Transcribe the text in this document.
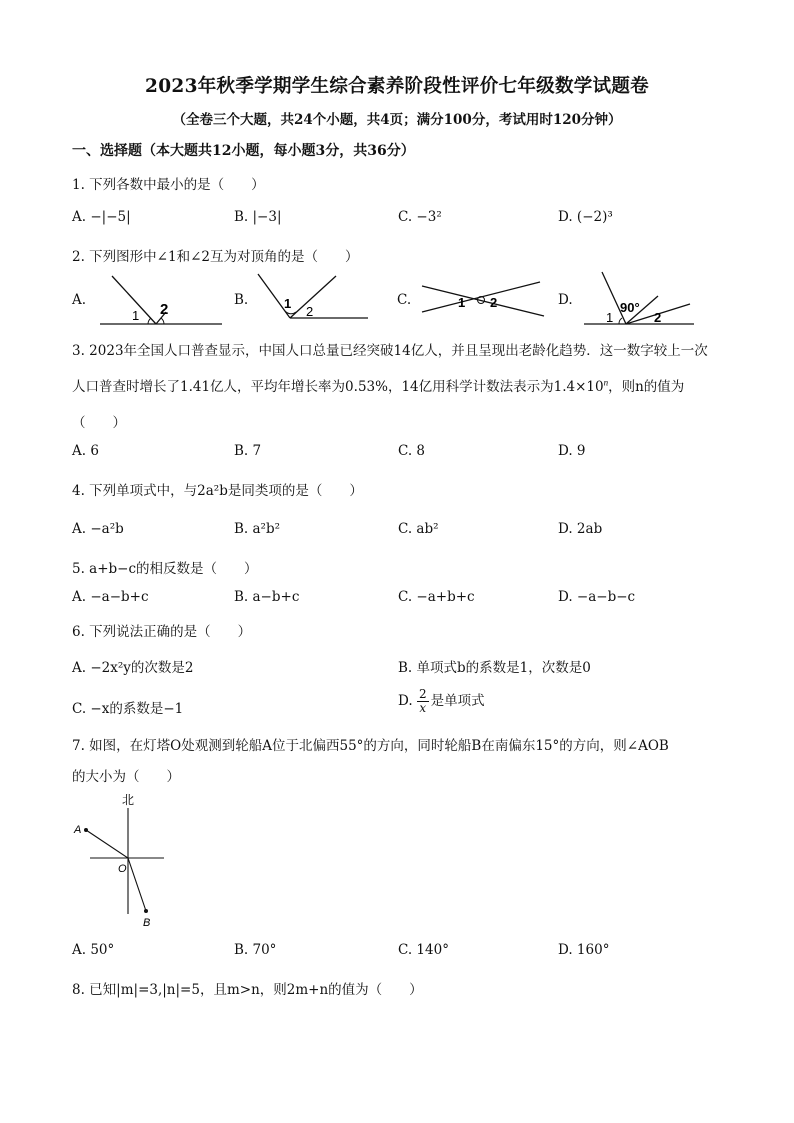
2023年秋季学期学生综合素养阶段性评价七年级数学试题卷
（全卷三个大题，共24个小题，共4页；满分100分，考试用时120分钟）
一、选择题（本大题共12小题，每小题3分，共36分）
1. 下列各数中最小的是（　　）
A. −|−5|	B. |−3|	C. −3²	D. (−2)³
2. 下列图形中∠1和∠2互为对顶角的是（　　）
A.
1 2
B.	1
2
C.	1 2	D.	90°
1	2
3. 2023年全国人口普查显示，中国人口总量已经突破14亿人，并且呈现出老龄化趋势．这一数字较上一次
人口普查时增长了1.41亿人，平均年增长率为0.53%，14亿用科学计数法表示为$1.4\times 10^n$，则n的值为
（　　）
A. 6	B. 7	C. 8	D. 9
4. 下列单项式中，与2a²b是同类项的是（　　）
A. −a²b	B. a²b²	C. ab²	D. 2ab
5. a+b−c的相反数是（　　）
A. −a−b+c	B. a−b+c	C. −a+b+c	D. −a−b−c
6. 下列说法正确的是（　　）
A. −2x²y的次数是2	B. 单项式b的系数是1，次数是0
C. −x的系数是−1	D. $\frac{2}{x}$ 是单项式
7. 如图，在灯塔O处观测到轮船A位于北偏西55°的方向，同时轮船B在南偏东15°的方向，则∠AOB
的大小为（　　）
北
A
O
B
A. 50°	B. 70°	C. 140°	D. 160°
8. 已知|m|=3,|n|=5，且m>n，则2m+n的值为（　　）
